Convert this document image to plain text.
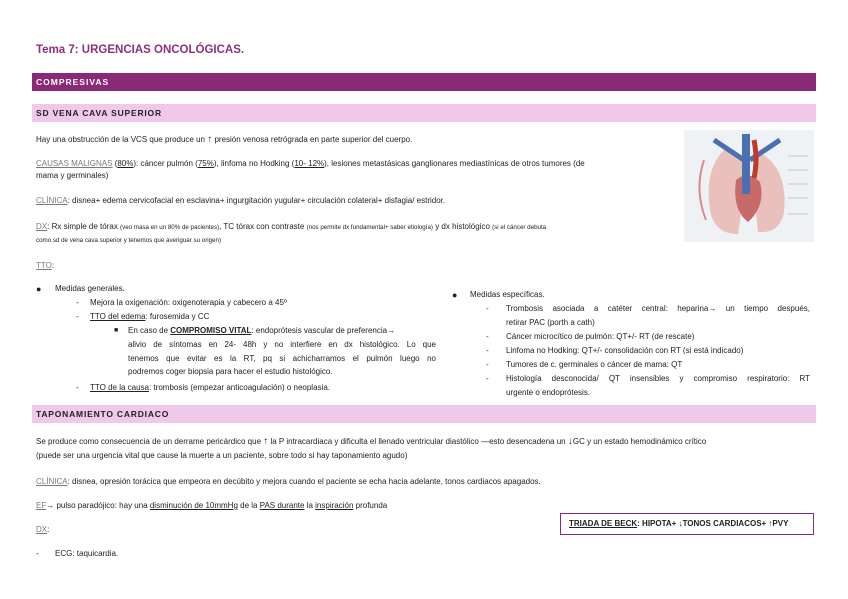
Tema 7: URGENCIAS ONCOLÓGICAS.
COMPRESIVAS
SD VENA CAVA SUPERIOR
Hay una obstrucción de la VCS que produce un ↑ presión venosa retrógrada en parte superior del cuerpo.
CAUSAS MALIGNAS (80%): cáncer pulmón (75%), linfoma no Hodking (10- 12%), lesiones metastásicas ganglionares mediastínicas de otros tumores (de
mama y germinales)
CLÍNICA: disnea+ edema cervicofacial en esclavina+ ingurgitación yugular+ circulación colateral+ disfagia/ estridor.
DX: Rx simple de tórax (veo masa en un 80% de pacientes), TC tórax con contraste (nos permite dx fundamental+ saber etiología) y dx histológico (si el cáncer debuta
como sd de vena cava superior y tenemos que averiguar su origen)
TTO:
● Medidas generales.
- Mejora la oxigenación: oxigenoterapia y cabecero a 45º
- TTO del edema: furosemida y CC
■ En caso de COMPROMISO VITAL: endoprótesis vascular de preferencia→
alivio de síntomas en 24- 48h y no interfiere en dx histológico. Lo que
tenemos que evitar es la RT, pq si achicharramos el pulmón luego no
podremos coger biopsia para hacer el estudio histológico.
- TTO de la causa: trombosis (empezar anticoagulación) o neoplasia.
● Medidas específicas.
- Trombosis asociada a catéter central: heparina→ un tiempo después,
retirar PAC (porth a cath)
- Cáncer microcítico de pulmón: QT+/- RT (de rescate)
- Linfoma no Hodking: QT+/- consolidación con RT (si está indicado)
- Tumores de c. germinales o cáncer de mama: QT
- Histología desconocida/ QT insensibles y compromiso respiratorio: RT
urgente o endoprótesis.
TAPONAMIENTO CARDIACO
Se produce como consecuencia de un derrame pericárdico que ↑ la P intracardiaca y dificulta el llenado ventricular diastólico —esto desencadena un ↓GC y un estado hemodinámico crítico
(puede ser una urgencia vital que cause la muerte a un paciente, sobre todo si hay taponamiento agudo)
CLÍNICA: disnea, opresión torácica que empeora en decúbito y mejora cuando el paciente se echa hacia adelante, tonos cardiacos apagados.
EF→ pulso paradójico: hay una disminución de 10mmHg de la PAS durante la inspiración profunda
TRIADA DE BECK: HIPOTA+ ↓TONOS CARDIACOS+ ↑PVY
DX:
- ECG: taquicardia.
